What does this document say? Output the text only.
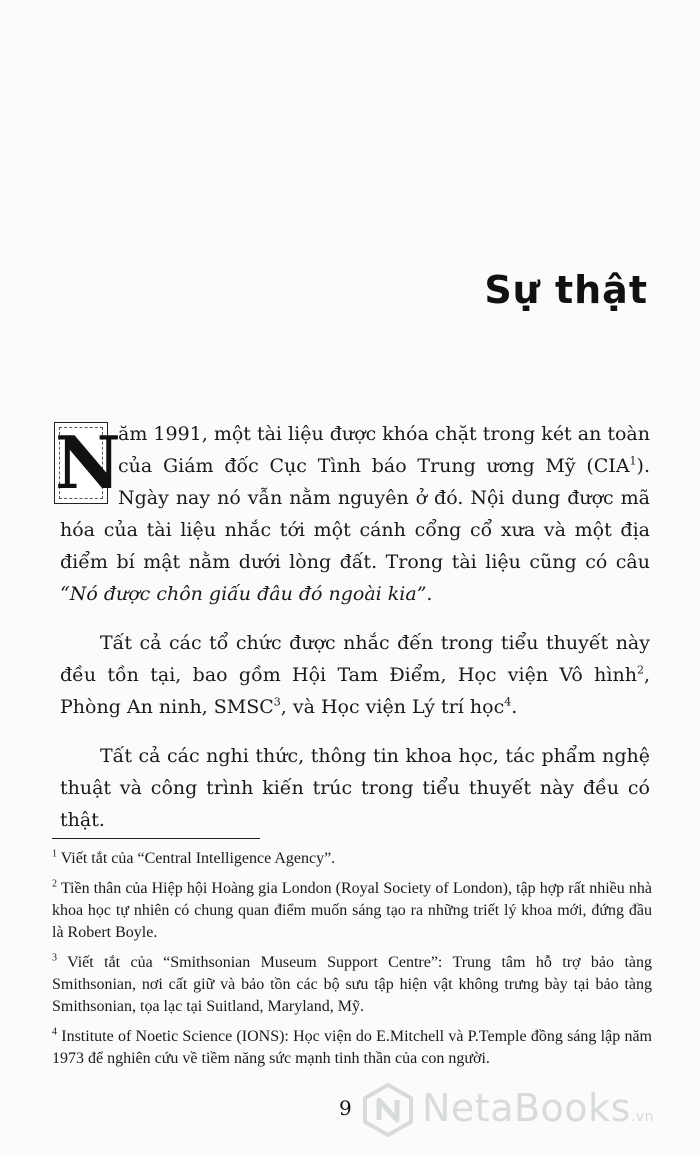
Sự thật

N
ăm 1991, một tài liệu được khóa chặt trong két an toàn của Giám đốc Cục Tình báo Trung ương Mỹ (CIA$^1$). Ngày nay nó vẫn nằm nguyên ở đó. Nội dung được mã hóa của tài liệu nhắc tới một cánh cổng cổ xưa và một địa điểm bí mật nằm dưới lòng đất. Trong tài liệu cũng có câu “Nó được chôn giấu đâu đó ngoài kia”.

Tất cả các tổ chức được nhắc đến trong tiểu thuyết này đều tồn tại, bao gồm Hội Tam Điểm, Học viện Vô hình$^2$, Phòng An ninh, SMSC$^3$, và Học viện Lý trí học$^4$.

Tất cả các nghi thức, thông tin khoa học, tác phẩm nghệ thuật và công trình kiến trúc trong tiểu thuyết này đều có thật.

$^1$ Viết tắt của “Central Intelligence Agency”.

$^2$ Tiền thân của Hiệp hội Hoàng gia London (Royal Society of London), tập hợp rất nhiều nhà khoa học tự nhiên có chung quan điểm muốn sáng tạo ra những triết lý khoa mới, đứng đầu là Robert Boyle.

$^3$ Viết tắt của “Smithsonian Museum Support Centre”: Trung tâm hỗ trợ bảo tàng Smithsonian, nơi cất giữ và bảo tồn các bộ sưu tập hiện vật không trưng bày tại bảo tàng Smithsonian, tọa lạc tại Suitland, Maryland, Mỹ.

$^4$ Institute of Noetic Science (IONS): Học viện do E.Mitchell và P.Temple đồng sáng lập năm 1973 để nghiên cứu về tiềm năng sức mạnh tinh thần của con người.

9 NetaBooks.vn
